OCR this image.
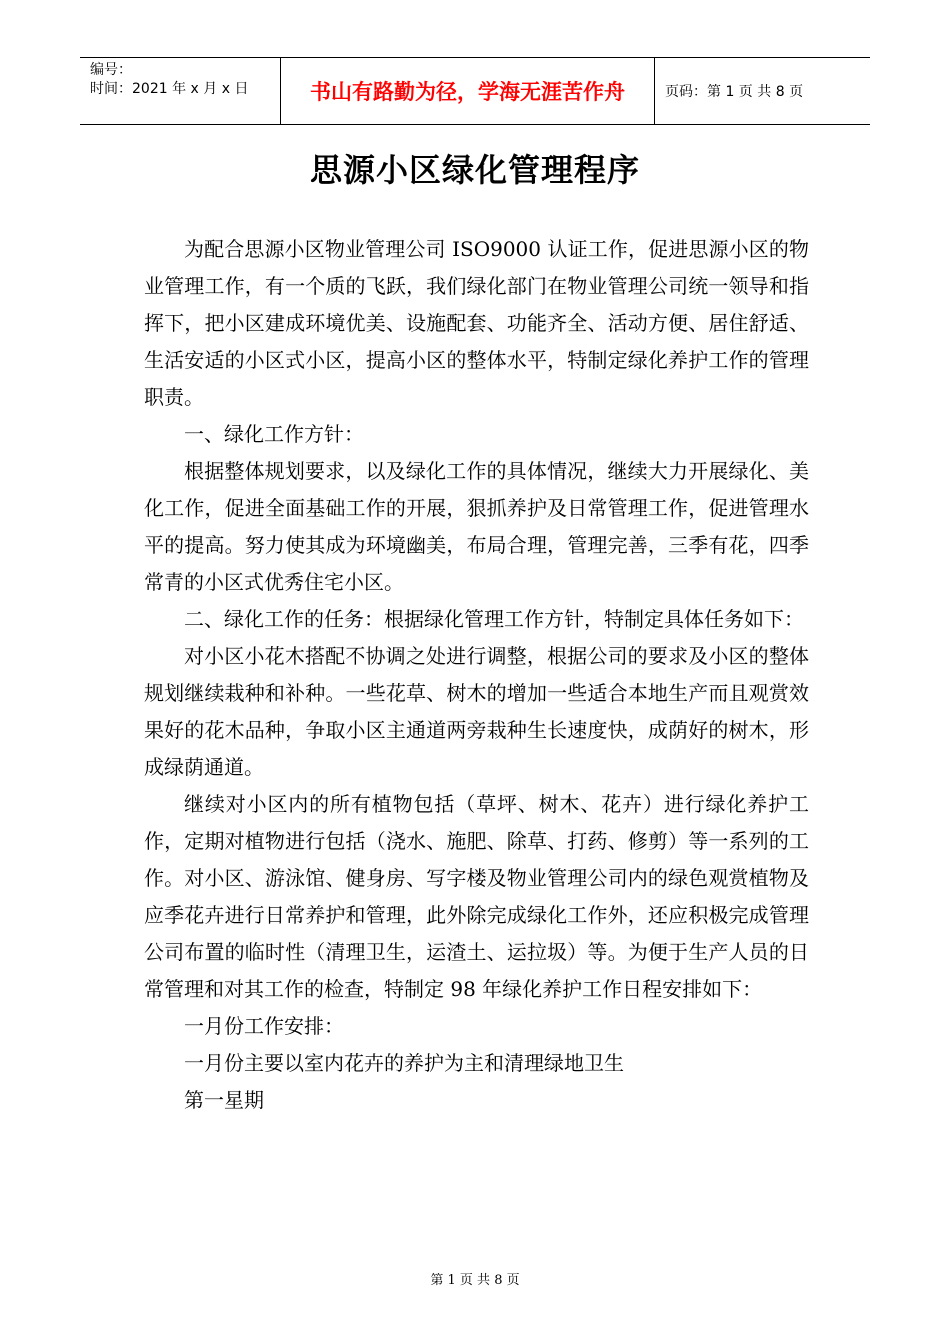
编号：
时间：2021 年 x 月 x 日	书山有路勤为径，学海无涯苦作舟	页码：第 1 页 共 8 页
思源小区绿化管理程序

为配合思源小区物业管理公司 ISO9000 认证工作，促进思源小区的物业管理工作，有一个质的飞跃，我们绿化部门在物业管理公司统一领导和指挥下，把小区建成环境优美、设施配套、功能齐全、活动方便、居住舒适、生活安适的小区式小区，提高小区的整体水平，特制定绿化养护工作的管理职责。

一、绿化工作方针：

根据整体规划要求，以及绿化工作的具体情况，继续大力开展绿化、美化工作，促进全面基础工作的开展，狠抓养护及日常管理工作，促进管理水平的提高。努力使其成为环境幽美，布局合理，管理完善，三季有花，四季常青的小区式优秀住宅小区。

二、绿化工作的任务：根据绿化管理工作方针，特制定具体任务如下：

对小区小花木搭配不协调之处进行调整，根据公司的要求及小区的整体规划继续栽种和补种。一些花草、树木的增加一些适合本地生产而且观赏效果好的花木品种，争取小区主通道两旁栽种生长速度快，成荫好的树木，形成绿荫通道。

继续对小区内的所有植物包括（草坪、树木、花卉）进行绿化养护工作，定期对植物进行包括（浇水、施肥、除草、打药、修剪）等一系列的工作。对小区、游泳馆、健身房、写字楼及物业管理公司内的绿色观赏植物及应季花卉进行日常养护和管理，此外除完成绿化工作外，还应积极完成管理公司布置的临时性（清理卫生，运渣土、运拉圾）等。为便于生产人员的日常管理和对其工作的检查，特制定 98 年绿化养护工作日程安排如下：

一月份工作安排：

一月份主要以室内花卉的养护为主和清理绿地卫生

第一星期

第 1 页 共 8 页
